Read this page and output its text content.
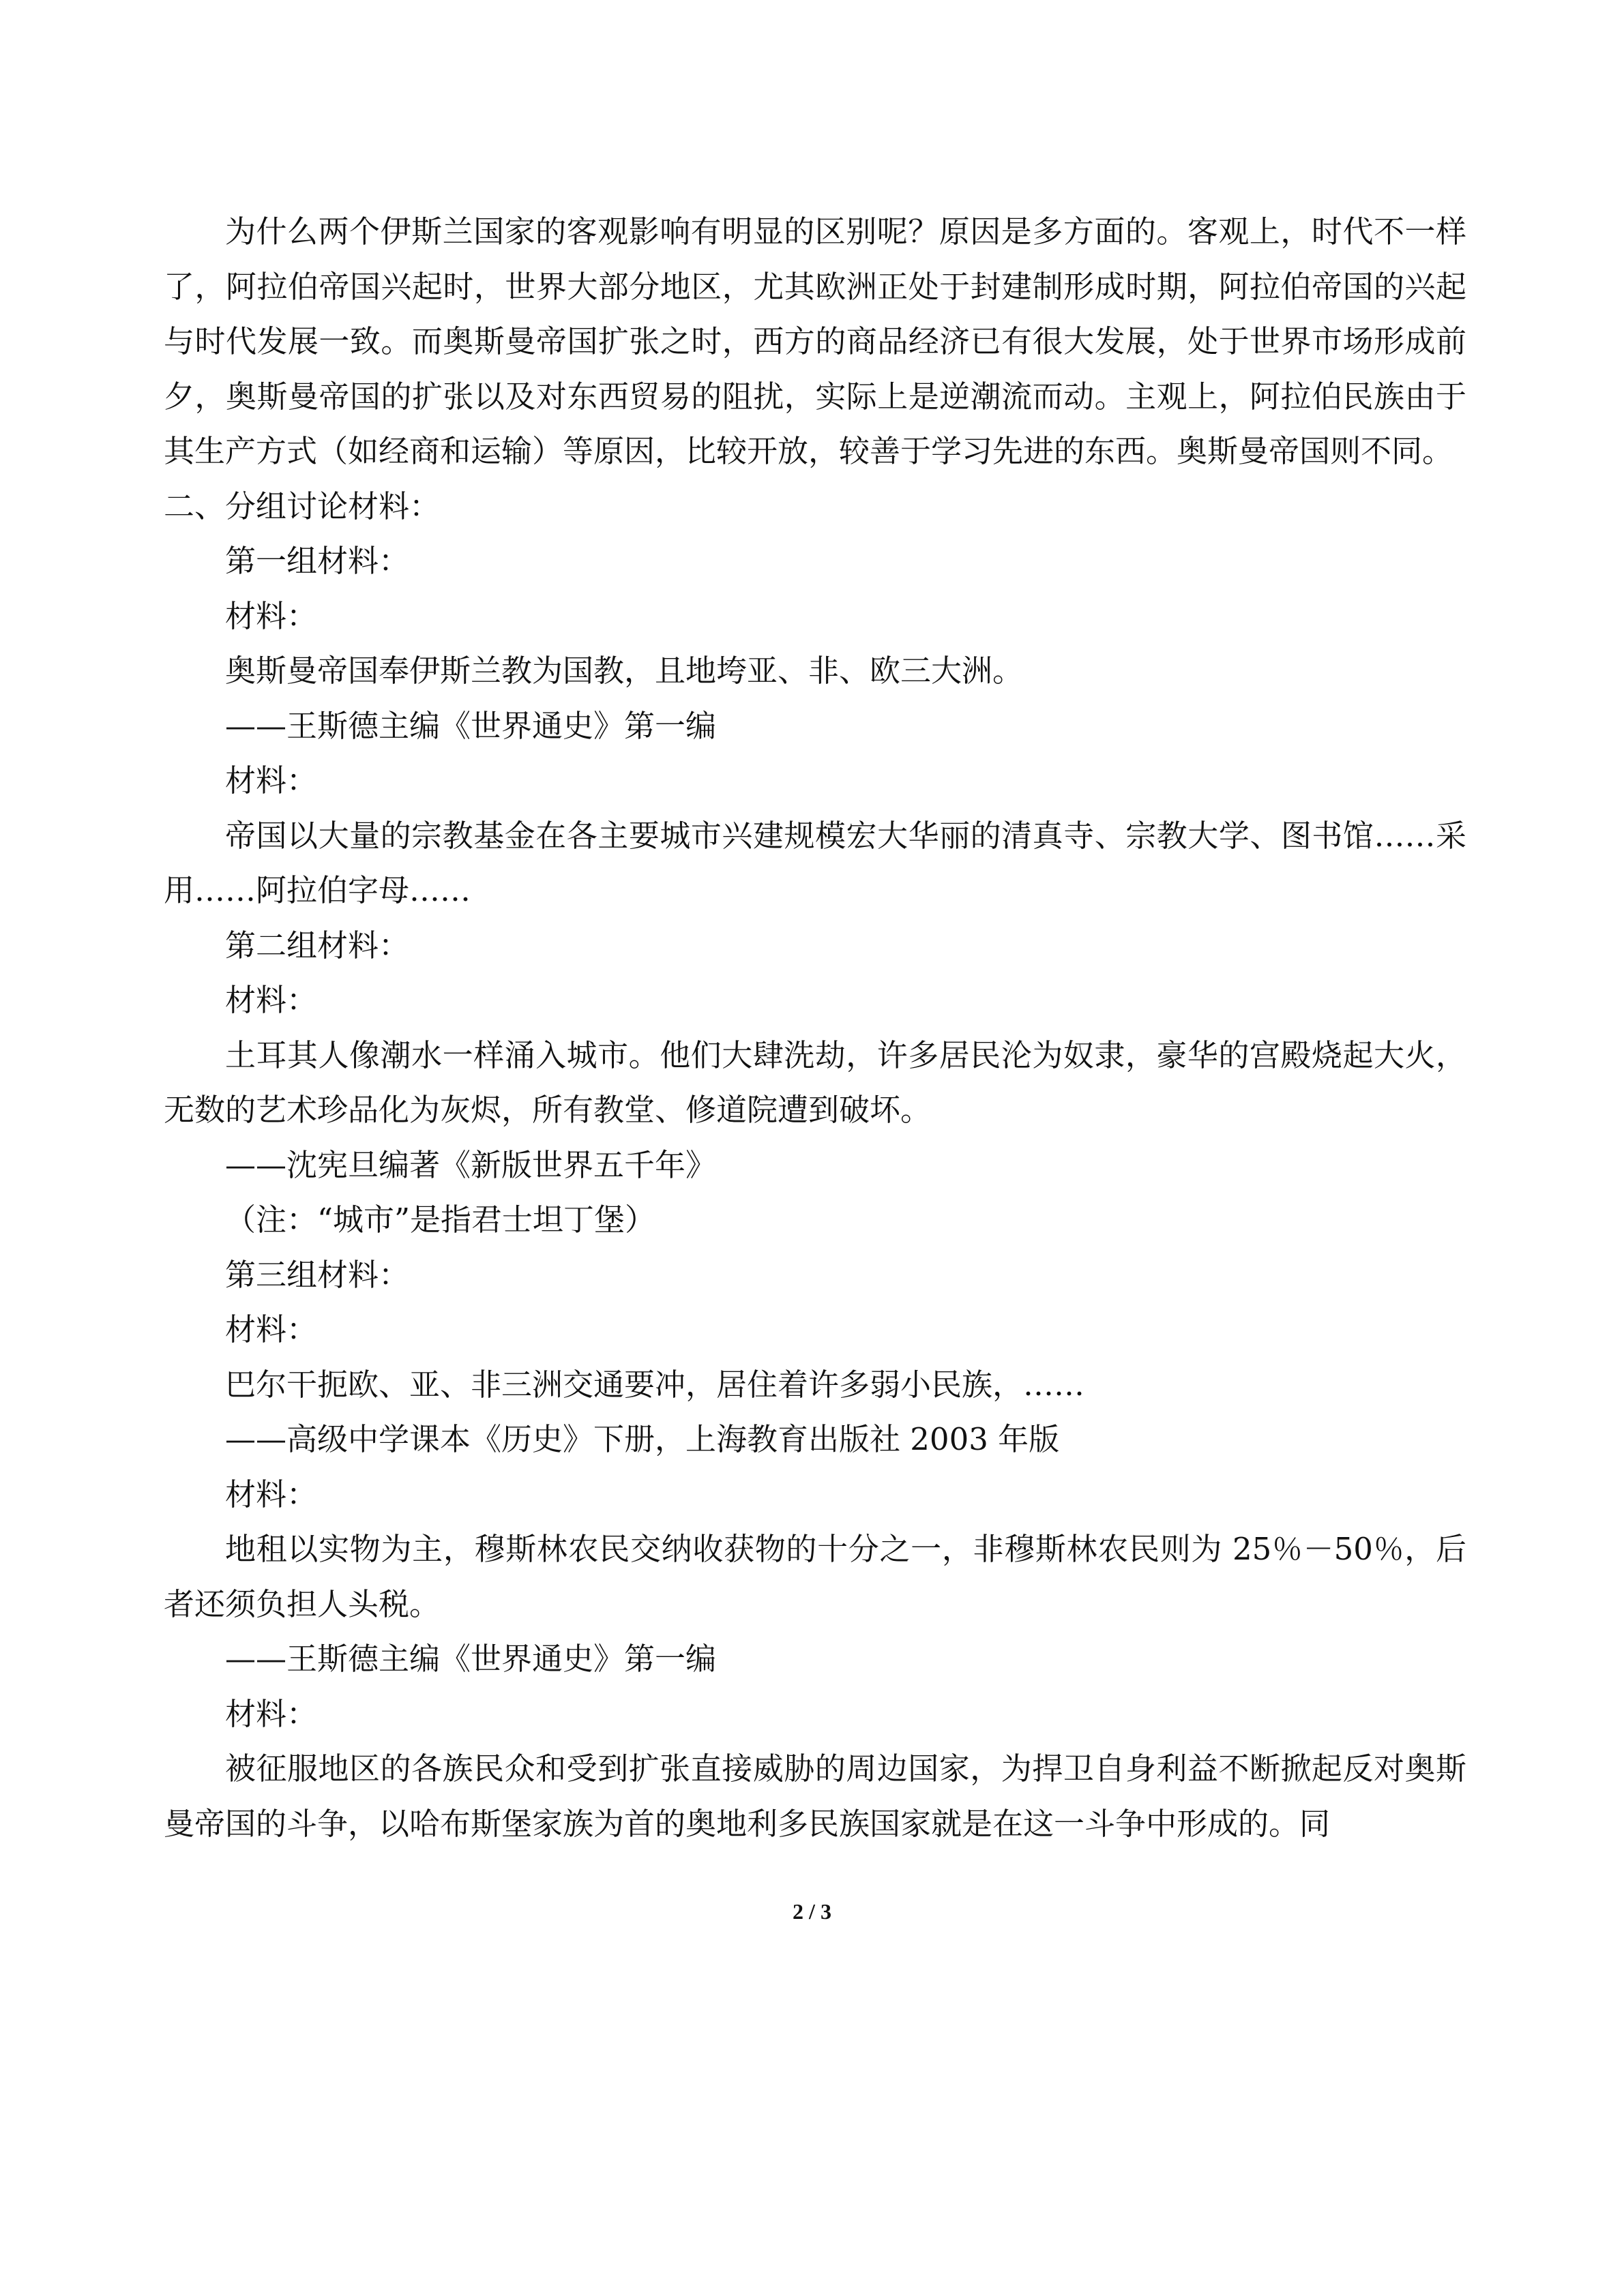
为什么两个伊斯兰国家的客观影响有明显的区别呢？原因是多方面的。客观上，时代不一样了，阿拉伯帝国兴起时，世界大部分地区，尤其欧洲正处于封建制形成时期，阿拉伯帝国的兴起与时代发展一致。而奥斯曼帝国扩张之时，西方的商品经济已有很大发展，处于世界市场形成前夕，奥斯曼帝国的扩张以及对东西贸易的阻扰，实际上是逆潮流而动。主观上，阿拉伯民族由于其生产方式（如经商和运输）等原因，比较开放，较善于学习先进的东西。奥斯曼帝国则不同。

二、分组讨论材料：

第一组材料：

材料：

奥斯曼帝国奉伊斯兰教为国教，且地垮亚、非、欧三大洲。

——王斯德主编《世界通史》第一编

材料：

帝国以大量的宗教基金在各主要城市兴建规模宏大华丽的清真寺、宗教大学、图书馆……采用……阿拉伯字母……

第二组材料：

材料：

土耳其人像潮水一样涌入城市。他们大肆洗劫，许多居民沦为奴隶，豪华的宫殿烧起大火，无数的艺术珍品化为灰烬，所有教堂、修道院遭到破坏。

——沈宪旦编著《新版世界五千年》

（注：“城市”是指君士坦丁堡）

第三组材料：

材料：

巴尔干扼欧、亚、非三洲交通要冲，居住着许多弱小民族，……

——高级中学课本《历史》下册，上海教育出版社 2003 年版

材料：

地租以实物为主，穆斯林农民交纳收获物的十分之一，非穆斯林农民则为 25％－50％，后者还须负担人头税。

——王斯德主编《世界通史》第一编

材料：

被征服地区的各族民众和受到扩张直接威胁的周边国家，为捍卫自身利益不断掀起反对奥斯曼帝国的斗争，以哈布斯堡家族为首的奥地利多民族国家就是在这一斗争中形成的。同

2 / 3
